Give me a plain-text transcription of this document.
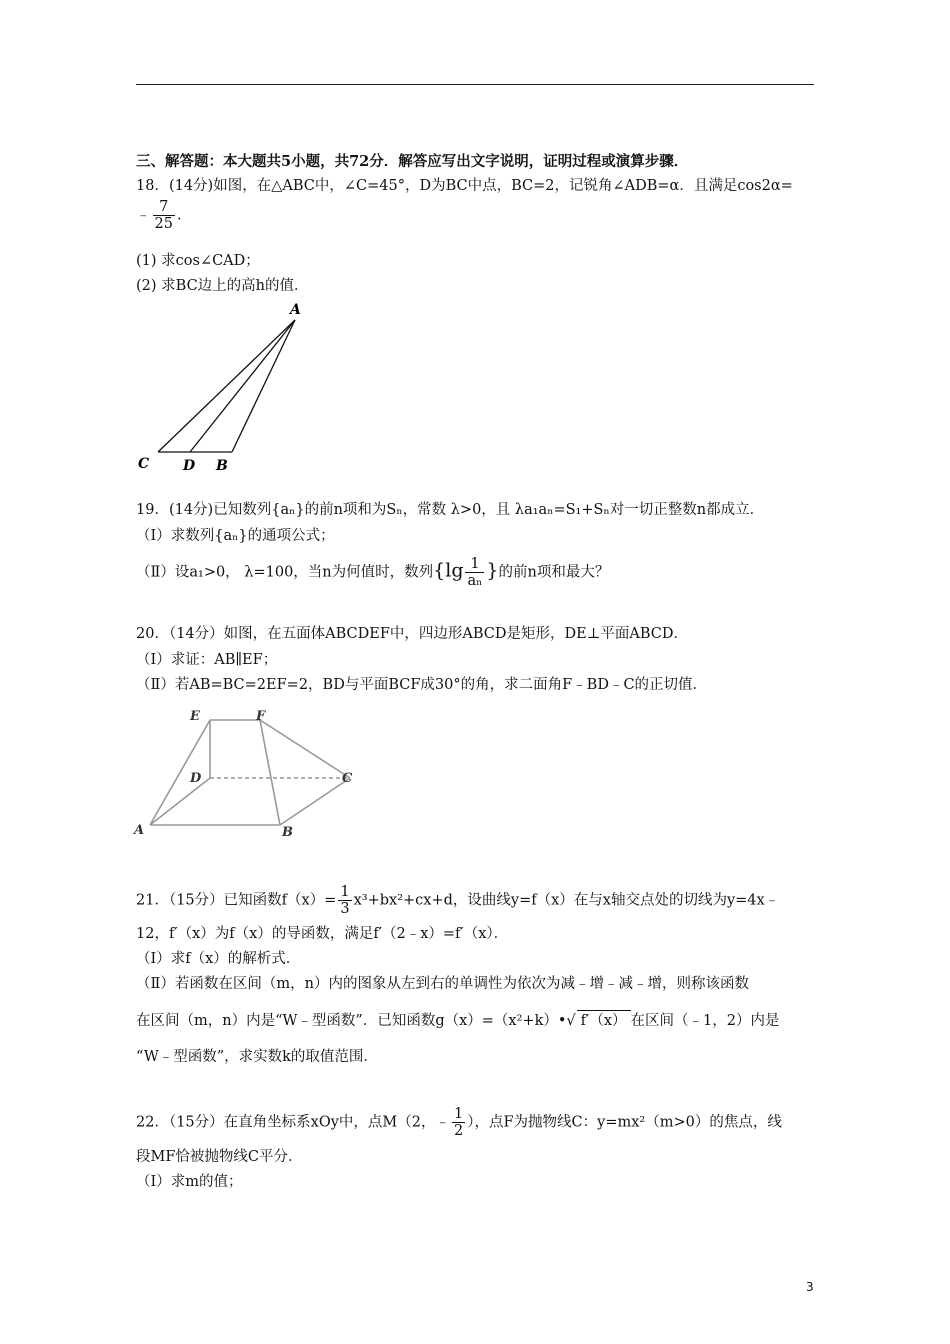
三、解答题：本大题共5小题，共72分．解答应写出文字说明，证明过程或演算步骤．
18．(14分)如图，在△ABC中，∠C=45°，D为BC中点，BC=2，记锐角∠ADB=α．且满足cos2α=
﹣ $\frac{7}{25}$ .
(1) 求cos∠CAD；
(2) 求BC边上的高h的值．
A
C D B
19．(14分)已知数列{aₙ}的前n项和为Sₙ，常数 λ>0，且 λa₁aₙ=S₁+Sₙ对一切正整数n都成立．
（Ⅰ）求数列{aₙ}的通项公式；
（Ⅱ）设a₁>0， λ=100，当n为何值时，数列{$\lg \frac{1}{\text{aₙ}}$ }的前n项和最大？
20．（14分）如图，在五面体ABCDEF中，四边形ABCD是矩形，DE⊥平面ABCD．
（Ⅰ）求证：AB∥EF；
（Ⅱ）若AB=BC=2EF=2，BD与平面BCF成30°的角，求二面角F﹣BD﹣C的正切值．
A	B
C
D
E	F
21．（15分）已知函数$f(x)= \frac{1}{3} x^3+bx^2+cx+d$，设曲线y=f（x）在与x轴交点处的切线为y=4x﹣
12，f′（x）为f（x）的导函数，满足f′（2﹣x）=f′（x）．
（Ⅰ）求f（x）的解析式．
（Ⅱ）若函数在区间（m，n）内的图象从左到右的单调性为依次为减﹣增﹣减﹣增，则称该函数
在区间（m，n）内是“W﹣型函数”．已知函数g（x）=（x²+k）•√ f′（x） 在区间（﹣1，2）内是
“W﹣型函数”，求实数k的取值范围．
22．（15分）在直角坐标系xOy中，点M（2，﹣ $\frac{1}{2}$ ），点F为抛物线C：y=mx²（m>0）的焦点，线
段MF恰被抛物线C平分．
（Ⅰ）求m的值；
3
